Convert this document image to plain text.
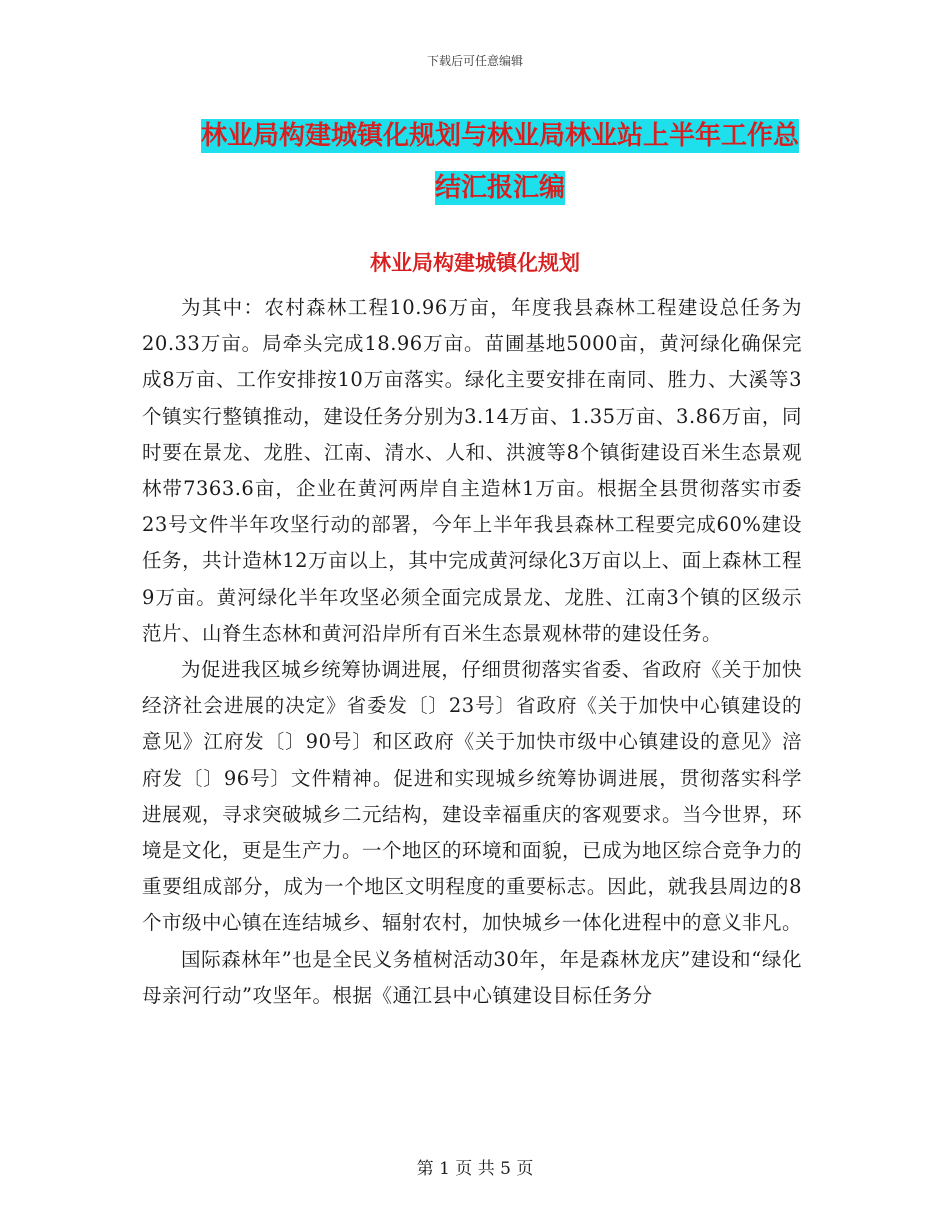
下载后可任意编辑
林业局构建城镇化规划与林业局林业站上半年工作总
结汇报汇编
林业局构建城镇化规划

为其中：农村森林工程10.96万亩，年度我县森林工程建设总任务为20.33万亩。局牵头完成18.96万亩。苗圃基地5000亩，黄河绿化确保完成8万亩、工作安排按10万亩落实。绿化主要安排在南同、胜力、大溪等3个镇实行整镇推动，建设任务分别为3.14万亩、1.35万亩、3.86万亩，同时要在景龙、龙胜、江南、清水、人和、洪渡等8个镇街建设百米生态景观林带7363.6亩，企业在黄河两岸自主造林1万亩。根据全县贯彻落实市委23号文件半年攻坚行动的部署，今年上半年我县森林工程要完成60%建设任务，共计造林12万亩以上，其中完成黄河绿化3万亩以上、面上森林工程9万亩。黄河绿化半年攻坚必须全面完成景龙、龙胜、江南3个镇的区级示范片、山脊生态林和黄河沿岸所有百米生态景观林带的建设任务。

为促进我区城乡统筹协调进展，仔细贯彻落实省委、省政府《关于加快经济社会进展的决定》省委发〔〕23号〕省政府《关于加快中心镇建设的意见》江府发〔〕90号〕和区政府《关于加快市级中心镇建设的意见》涪府发〔〕96号〕文件精神。促进和实现城乡统筹协调进展，贯彻落实科学进展观，寻求突破城乡二元结构，建设幸福重庆的客观要求。当今世界，环境是文化，更是生产力。一个地区的环境和面貌，已成为地区综合竞争力的重要组成部分，成为一个地区文明程度的重要标志。因此，就我县周边的8个市级中心镇在连结城乡、辐射农村，加快城乡一体化进程中的意义非凡。

国际森林年”也是全民义务植树活动30年，年是森林龙庆”建设和“绿化母亲河行动”攻坚年。根据《通江县中心镇建设目标任务分

第 1 页 共 5 页
